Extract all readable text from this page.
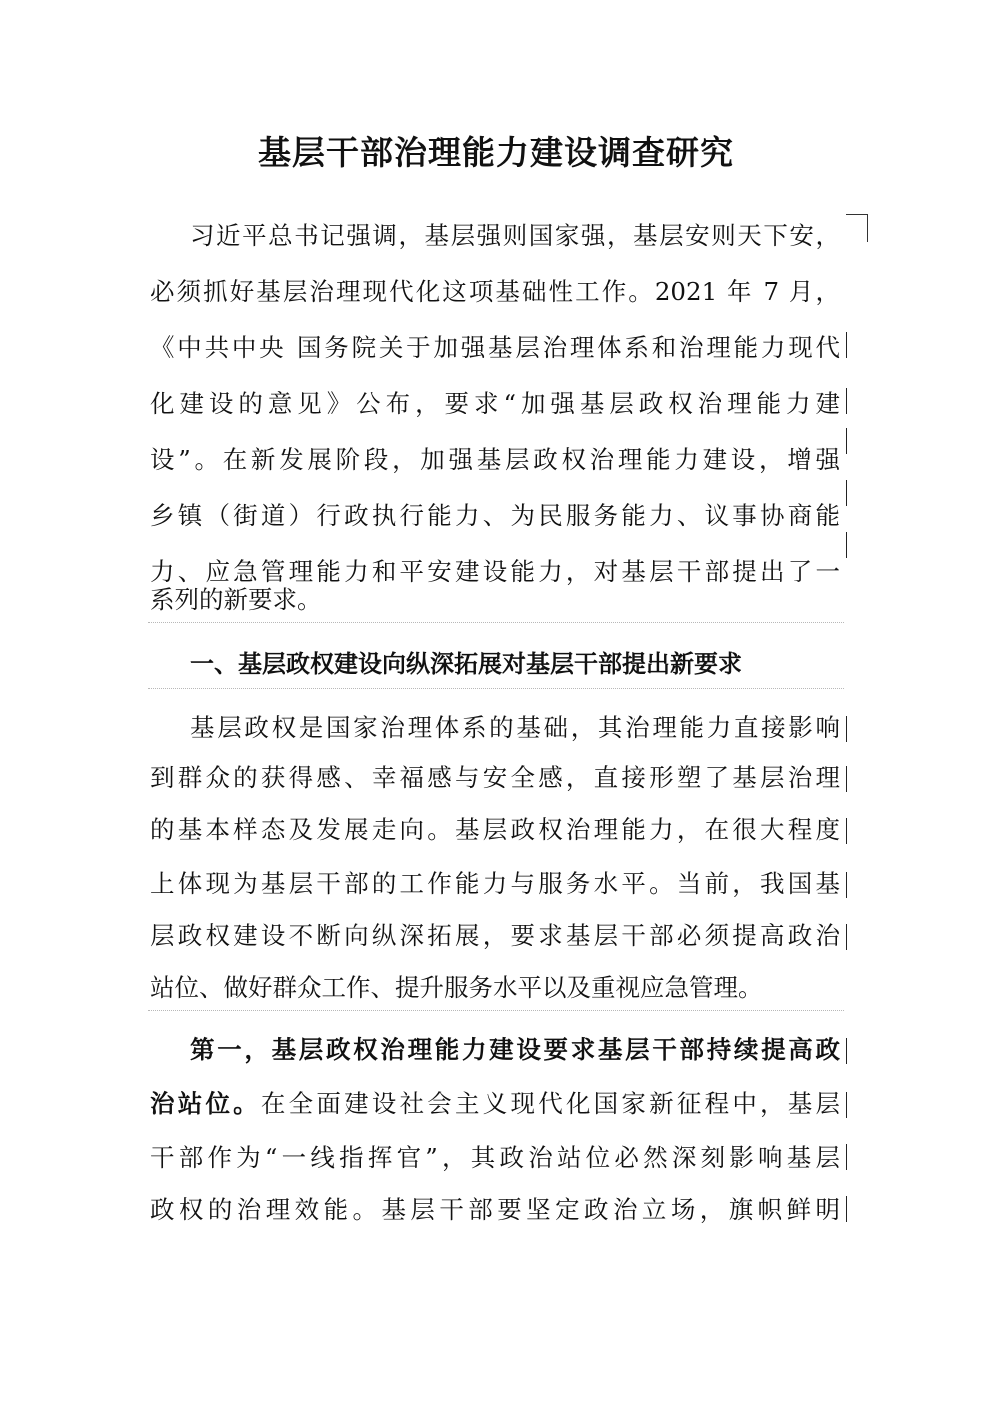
基层干部治理能力建设调查研究

习近平总书记强调，基层强则国家强，基层安则天下安，

必须抓好基层治理现代化这项基础性工作。2021 年 7 月，

《中共中央 国务院关于加强基层治理体系和治理能力现代

化建设的意见》公布，要求“加强基层政权治理能力建

设”。在新发展阶段，加强基层政权治理能力建设，增强

乡镇（街道）行政执行能力、为民服务能力、议事协商能

力、应急管理能力和平安建设能力，对基层干部提出了一

系列的新要求。

一、基层政权建设向纵深拓展对基层干部提出新要求

基层政权是国家治理体系的基础，其治理能力直接影响

到群众的获得感、幸福感与安全感，直接形塑了基层治理

的基本样态及发展走向。基层政权治理能力，在很大程度

上体现为基层干部的工作能力与服务水平。当前，我国基

层政权建设不断向纵深拓展，要求基层干部必须提高政治

站位、做好群众工作、提升服务水平以及重视应急管理。

第一，基层政权治理能力建设要求基层干部持续提高政

治站位。在全面建设社会主义现代化国家新征程中，基层

干部作为“一线指挥官”，其政治站位必然深刻影响基层

政权的治理效能。基层干部要坚定政治立场，旗帜鲜明
